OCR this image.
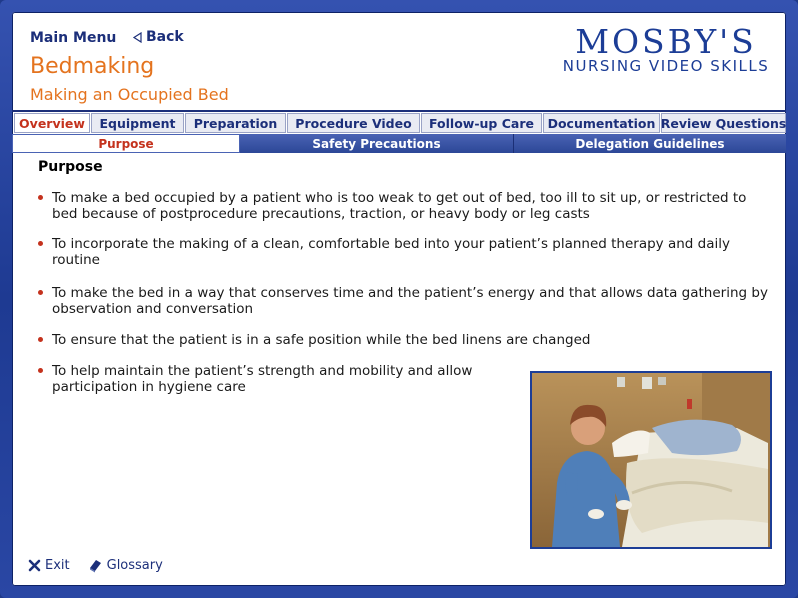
Main Menu Back
Bedmaking
Making an Occupied Bed
MOSBY'S
NURSING VIDEO SKILLS
Overview	Equipment	Preparation	Procedure Video	Follow-up Care	Documentation Review Questions
Purpose	Safety Precautions	Delegation Guidelines
Purpose
To make a bed occupied by a patient who is too weak to get out of bed, too ill to sit up, or restricted to bed because of postprocedure precautions, traction, or heavy body or leg casts
To incorporate the making of a clean, comfortable bed into your patient’s planned therapy and daily routine
To make the bed in a way that conserves time and the patient’s energy and that allows data gathering by observation and conversation
To ensure that the patient is in a safe position while the bed linens are changed
To help maintain the patient’s strength and mobility and allow participation in hygiene care
Exit	Glossary
